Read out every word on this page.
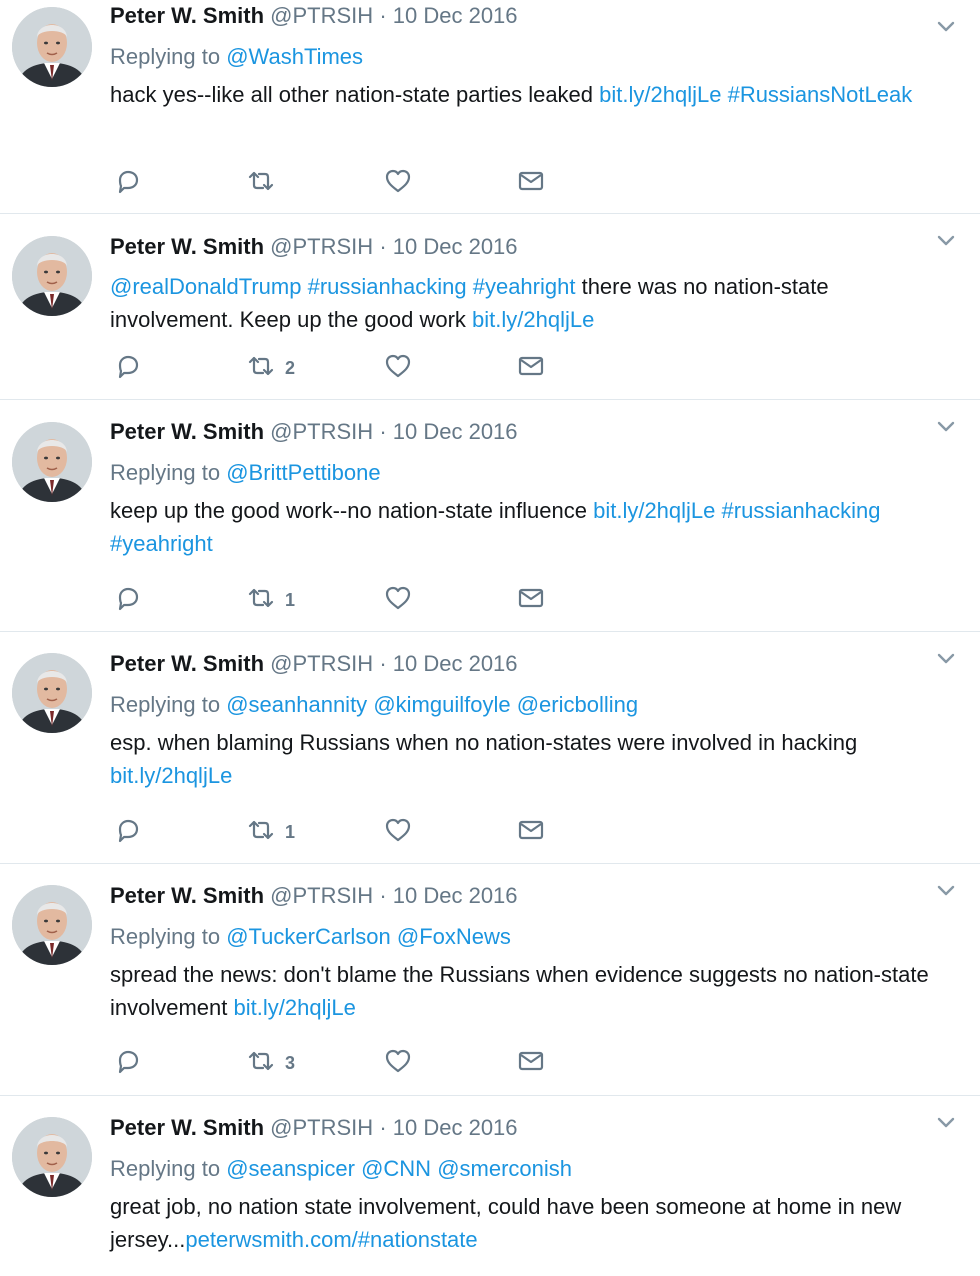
Peter W. Smith @PTRSIH · 10 Dec 2016
Replying to @WashTimes
hack yes--like all other nation-state parties leaked bit.ly/2hqljLe #RussiansNotLeak
Peter W. Smith @PTRSIH · 10 Dec 2016
@realDonaldTrump #russianhacking #yeahright there was no nation-state involvement. Keep up the good work bit.ly/2hqljLe
2
Peter W. Smith @PTRSIH · 10 Dec 2016
Replying to @BrittPettibone
keep up the good work--no nation-state influence bit.ly/2hqljLe #russianhacking #yeahright
1
Peter W. Smith @PTRSIH · 10 Dec 2016
Replying to @seanhannity @kimguilfoyle @ericbolling
esp. when blaming Russians when no nation-states were involved in hacking bit.ly/2hqljLe
1
Peter W. Smith @PTRSIH · 10 Dec 2016
Replying to @TuckerCarlson @FoxNews
spread the news: don't blame the Russians when evidence suggests no nation-state involvement bit.ly/2hqljLe
3
Peter W. Smith @PTRSIH · 10 Dec 2016
Replying to @seanspicer @CNN @smerconish
great job, no nation state involvement, could have been someone at home in new jersey...peterwsmith.com/#nationstate
